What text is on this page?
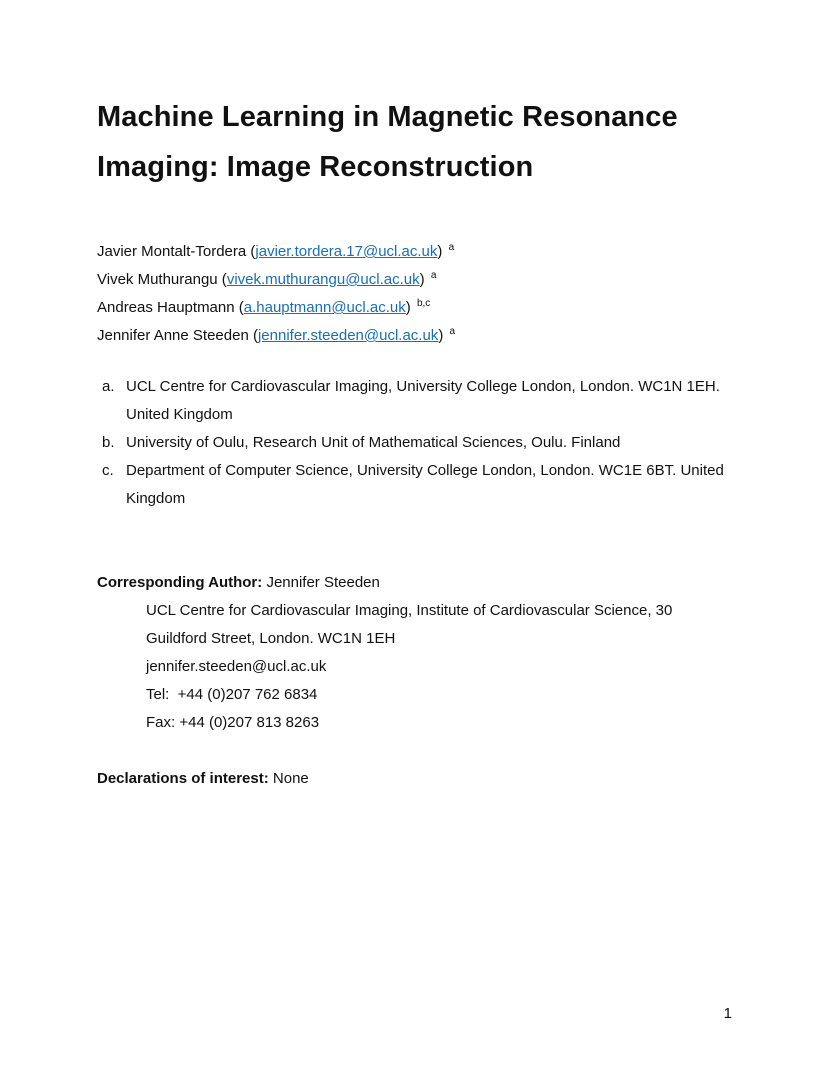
Machine Learning in Magnetic Resonance Imaging: Image Reconstruction
Javier Montalt-Tordera (javier.tordera.17@ucl.ac.uk) $^a$
Vivek Muthurangu (vivek.muthurangu@ucl.ac.uk) $^a$
Andreas Hauptmann (a.hauptmann@ucl.ac.uk) $^{b,c}$
Jennifer Anne Steeden (jennifer.steeden@ucl.ac.uk) $^a$
a. UCL Centre for Cardiovascular Imaging, University College London, London. WC1N 1EH. United Kingdom
b. University of Oulu, Research Unit of Mathematical Sciences, Oulu. Finland
c. Department of Computer Science, University College London, London. WC1E 6BT. United Kingdom
Corresponding Author: Jennifer Steeden
UCL Centre for Cardiovascular Imaging, Institute of Cardiovascular Science, 30 Guildford Street, London. WC1N 1EH
jennifer.steeden@ucl.ac.uk
Tel:  +44 (0)207 762 6834
Fax: +44 (0)207 813 8263
Declarations of interest: None
1
